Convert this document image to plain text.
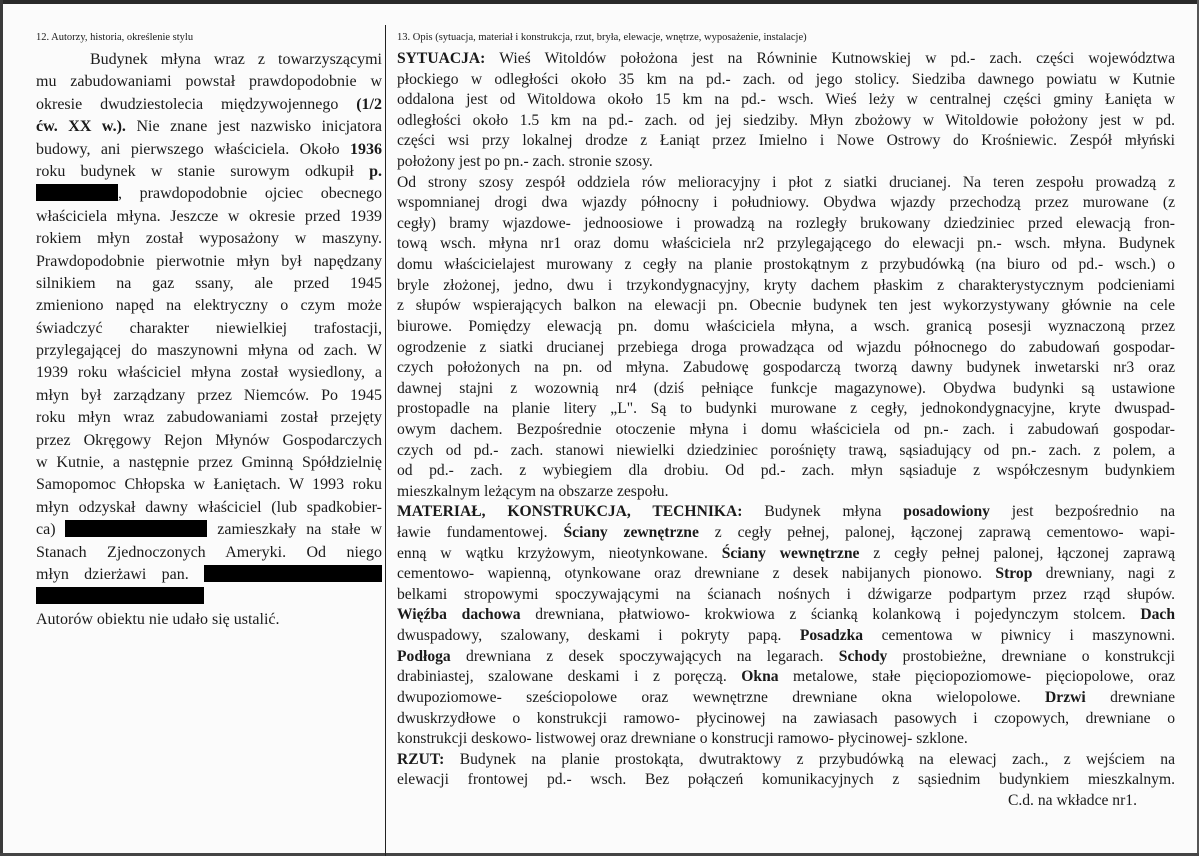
12. Autorzy, historia, określenie stylu
Budynek młyna wraz z towarzyszącymi
mu zabudowaniami powstał prawdopodobnie w
okresie dwudziestolecia międzywojennego (1/2
ćw. XX w.). Nie znane jest nazwisko inicjatora
budowy, ani pierwszego właściciela. Około 1936
roku budynek w stanie surowym odkupił p.
, prawdopodobnie ojciec obecnego
właściciela młyna. Jeszcze w okresie przed 1939
rokiem młyn został wyposażony w maszyny.
Prawdopodobnie pierwotnie młyn był napędzany
silnikiem na gaz ssany, ale przed 1945
zmieniono napęd na elektryczny o czym może
świadczyć charakter niewielkiej trafostacji,
przylegającej do maszynowni młyna od zach. W
1939 roku właściciel młyna został wysiedlony, a
młyn był zarządzany przez Niemców. Po 1945
roku młyn wraz zabudowaniami został przejęty
przez Okręgowy Rejon Młynów Gospodarczych
w Kutnie, a następnie przez Gminną Spółdzielnię
Samopomoc Chłopska w Łaniętach. W 1993 roku
młyn odzyskał dawny właściciel (lub spadkobier-
ca)	zamieszkały na stałe w
Stanach Zjednoczonych Ameryki. Od niego
młyn dzierżawi pan.
Autorów obiektu nie udało się ustalić.
13. Opis (sytuacja, materiał i konstrukcja, rzut, bryła, elewacje, wnętrze, wyposażenie, instalacje)
SYTUACJA: Wieś Witoldów położona jest na Równinie Kutnowskiej w pd.- zach. części województwa
płockiego w odległości około 35 km na pd.- zach. od jego stolicy. Siedziba dawnego powiatu w Kutnie
oddalona jest od Witoldowa około 15 km na pd.- wsch. Wieś leży w centralnej części gminy Łanięta w
odległości około 1.5 km na pd.- zach. od jej siedziby. Młyn zbożowy w Witoldowie położony jest w pd.
części wsi przy lokalnej drodze z Łaniąt przez Imielno i Nowe Ostrowy do Krośniewic. Zespół młyński
położony jest po pn.- zach. stronie szosy.
Od strony szosy zespół oddziela rów melioracyjny i płot z siatki drucianej. Na teren zespołu prowadzą z
wspomnianej drogi dwa wjazdy północny i południowy. Obydwa wjazdy przechodzą przez murowane (z
cegły) bramy wjazdowe- jednoosiowe i prowadzą na rozległy brukowany dziedziniec przed elewacją fron-
tową wsch. młyna nr1 oraz domu właściciela nr2 przylegającego do elewacji pn.- wsch. młyna. Budynek
domu właścicielajest murowany z cegły na planie prostokątnym z przybudówką (na biuro od pd.- wsch.) o
bryle złożonej, jedno, dwu i trzykondygnacyjny, kryty dachem płaskim z charakterystycznym podcieniami
z słupów wspierających balkon na elewacji pn. Obecnie budynek ten jest wykorzystywany głównie na cele
biurowe. Pomiędzy elewacją pn. domu właściciela młyna, a wsch. granicą posesji wyznaczoną przez
ogrodzenie z siatki drucianej przebiega droga prowadząca od wjazdu północnego do zabudowań gospodar-
czych położonych na pn. od młyna. Zabudowę gospodarczą tworzą dawny budynek inwetarski nr3 oraz
dawnej stajni z wozownią nr4 (dziś pełniące funkcje magazynowe). Obydwa budynki są ustawione
prostopadle na planie litery „L". Są to budynki murowane z cegły, jednokondygnacyjne, kryte dwuspad-
owym dachem. Bezpośrednie otoczenie młyna i domu właściciela od pn.- zach. i zabudowań gospodar-
czych od pd.- zach. stanowi niewielki dziedziniec porośnięty trawą, sąsiadujący od pn.- zach. z polem, a
od pd.- zach. z wybiegiem dla drobiu. Od pd.- zach. młyn sąsiaduje z współczesnym budynkiem
mieszkalnym leżącym na obszarze zespołu.
MATERIAŁ, KONSTRUKCJA, TECHNIKA: Budynek młyna posadowiony jest bezpośrednio na
ławie fundamentowej. Ściany zewnętrzne z cegły pełnej, palonej, łączonej zaprawą cementowo- wapi-
enną w wątku krzyżowym, nieotynkowane. Ściany wewnętrzne z cegły pełnej palonej, łączonej zaprawą
cementowo- wapienną, otynkowane oraz drewniane z desek nabijanych pionowo. Strop drewniany, nagi z
belkami stropowymi spoczywającymi na ścianach nośnych i dźwigarze podpartym przez rząd słupów.
Więźba dachowa drewniana, płatwiowo- krokwiowa z ścianką kolankową i pojedynczym stolcem. Dach
dwuspadowy, szalowany, deskami i pokryty papą. Posadzka cementowa w piwnicy i maszynowni.
Podłoga drewniana z desek spoczywających na legarach. Schody prostobieżne, drewniane o konstrukcji
drabiniastej, szalowane deskami i z poręczą. Okna metalowe, stałe pięciopoziomowe- pięciopolowe, oraz
dwupoziomowe- sześciopolowe oraz wewnętrzne drewniane okna wielopolowe. Drzwi drewniane
dwuskrzydłowe o konstrukcji ramowo- płycinowej na zawiasach pasowych i czopowych, drewniane o
konstrukcji deskowo- listwowej oraz drewniane o konstrucji ramowo- płycinowej- szklone.
RZUT: Budynek na planie prostokąta, dwutraktowy z przybudówką na elewacj zach., z wejściem na
elewacji frontowej pd.- wsch. Bez połączeń komunikacyjnych z sąsiednim budynkiem mieszkalnym.
C.d. na wkładce nr1.
